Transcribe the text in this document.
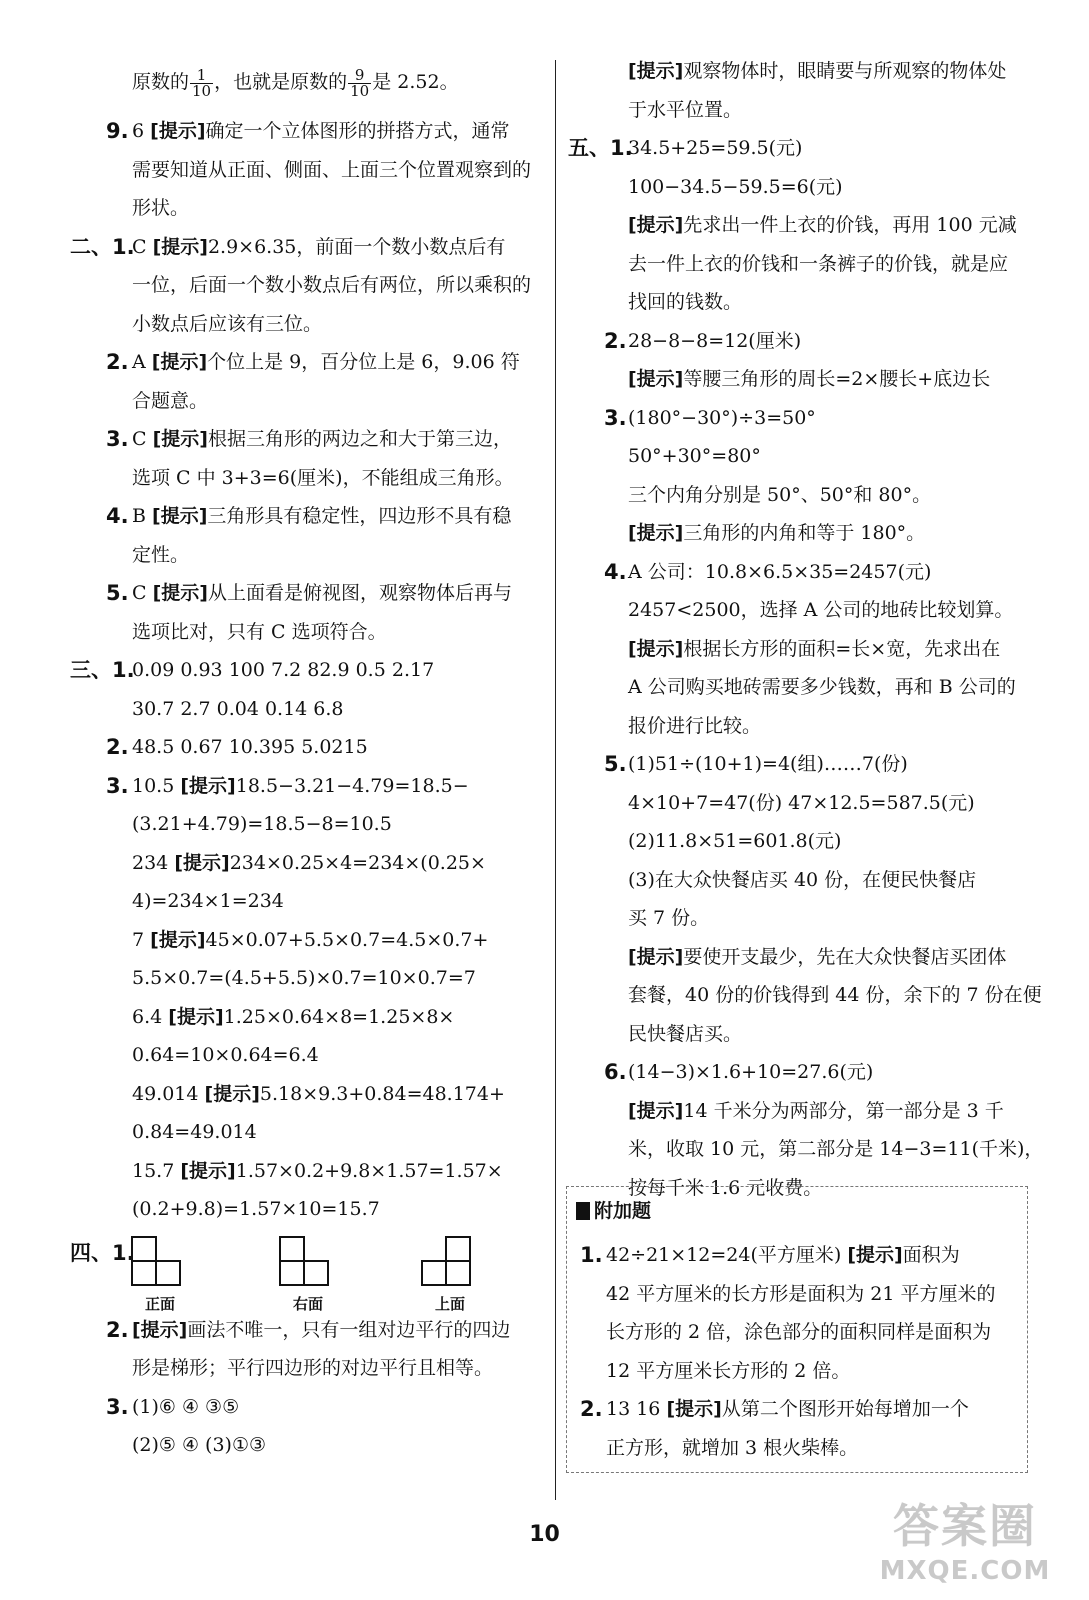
原数的 $\frac{1}{10}$ ，也就是原数的 $\frac{9}{10}$ 是 2.52。
9. 6 [提示]确定一个立体图形的拼搭方式，通常
需要知道从正面、侧面、上面三个位置观察到的
形状。
二、1.
C [提示]2.9×6.35，前面一个数小数点后有
一位，后面一个数小数点后有两位，所以乘积的
小数点后应该有三位。
2. A [提示]个位上是 9，百分位上是 6，9.06 符
合题意。
3. C [提示]根据三角形的两边之和大于第三边，
选项 C 中 3+3=6(厘米)，不能组成三角形。
4. B [提示]三角形具有稳定性，四边形不具有稳
定性。
5. C [提示]从上面看是俯视图，观察物体后再与
选项比对，只有 C 选项符合。
三、1.
0.09 0.93 100 7.2 82.9 0.5 2.17
30.7 2.7 0.04 0.14 6.8
2. 48.5 0.67 10.395 5.0215
3. 10.5 [提示]18.5−3.21−4.79=18.5−
(3.21+4.79)=18.5−8=10.5
234 [提示]234×0.25×4=234×(0.25×
4)=234×1=234
7 [提示]45×0.07+5.5×0.7=4.5×0.7+
5.5×0.7=(4.5+5.5)×0.7=10×0.7=7
6.4 [提示]1.25×0.64×8=1.25×8×
0.64=10×0.64=6.4
49.014 [提示]5.18×9.3+0.84=48.174+
0.84=49.014
15.7 [提示]1.57×0.2+9.8×1.57=1.57×
(0.2+9.8)=1.57×10=15.7
四、1.
正面	右面	上面
2. [提示]画法不唯一，只有一组对边平行的四边
形是梯形；平行四边形的对边平行且相等。
3. (1)⑥ ④ ③⑤
(2)⑤ ④ (3)①③
[提示]观察物体时，眼睛要与所观察的物体处
于水平位置。
五、1.
34.5+25=59.5(元)
100−34.5−59.5=6(元)
[提示]先求出一件上衣的价钱，再用 100 元减
去一件上衣的价钱和一条裤子的价钱，就是应
找回的钱数。
2. 28−8−8=12(厘米)
[提示]等腰三角形的周长=2×腰长+底边长
3. (180°−30°)÷3=50°
50°+30°=80°
三个内角分别是 50°、50°和 80°。
[提示]三角形的内角和等于 180°。
4. A 公司：10.8×6.5×35=2457(元)
2457<2500，选择 A 公司的地砖比较划算。
[提示]根据长方形的面积=长×宽，先求出在
A 公司购买地砖需要多少钱数，再和 B 公司的
报价进行比较。
5. (1)51÷(10+1)=4(组)……7(份)
4×10+7=47(份) 47×12.5=587.5(元)
(2)11.8×51=601.8(元)
(3)在大众快餐店买 40 份，在便民快餐店
买 7 份。
[提示]要使开支最少，先在大众快餐店买团体
套餐，40 份的价钱得到 44 份，余下的 7 份在便
民快餐店买。
6. (14−3)×1.6+10=27.6(元)
[提示]14 千米分为两部分，第一部分是 3 千
米，收取 10 元，第二部分是 14−3=11(千米)，
按每千米 1.6 元收费。
附加题
1. 42÷21×12=24(平方厘米) [提示]面积为
42 平方厘米的长方形是面积为 21 平方厘米的
长方形的 2 倍，涂色部分的面积同样是面积为
12 平方厘米长方形的 2 倍。
2. 13 16 [提示]从第二个图形开始每增加一个
正方形，就增加 3 根火柴棒。
10	答案圈
MXQE.COM
